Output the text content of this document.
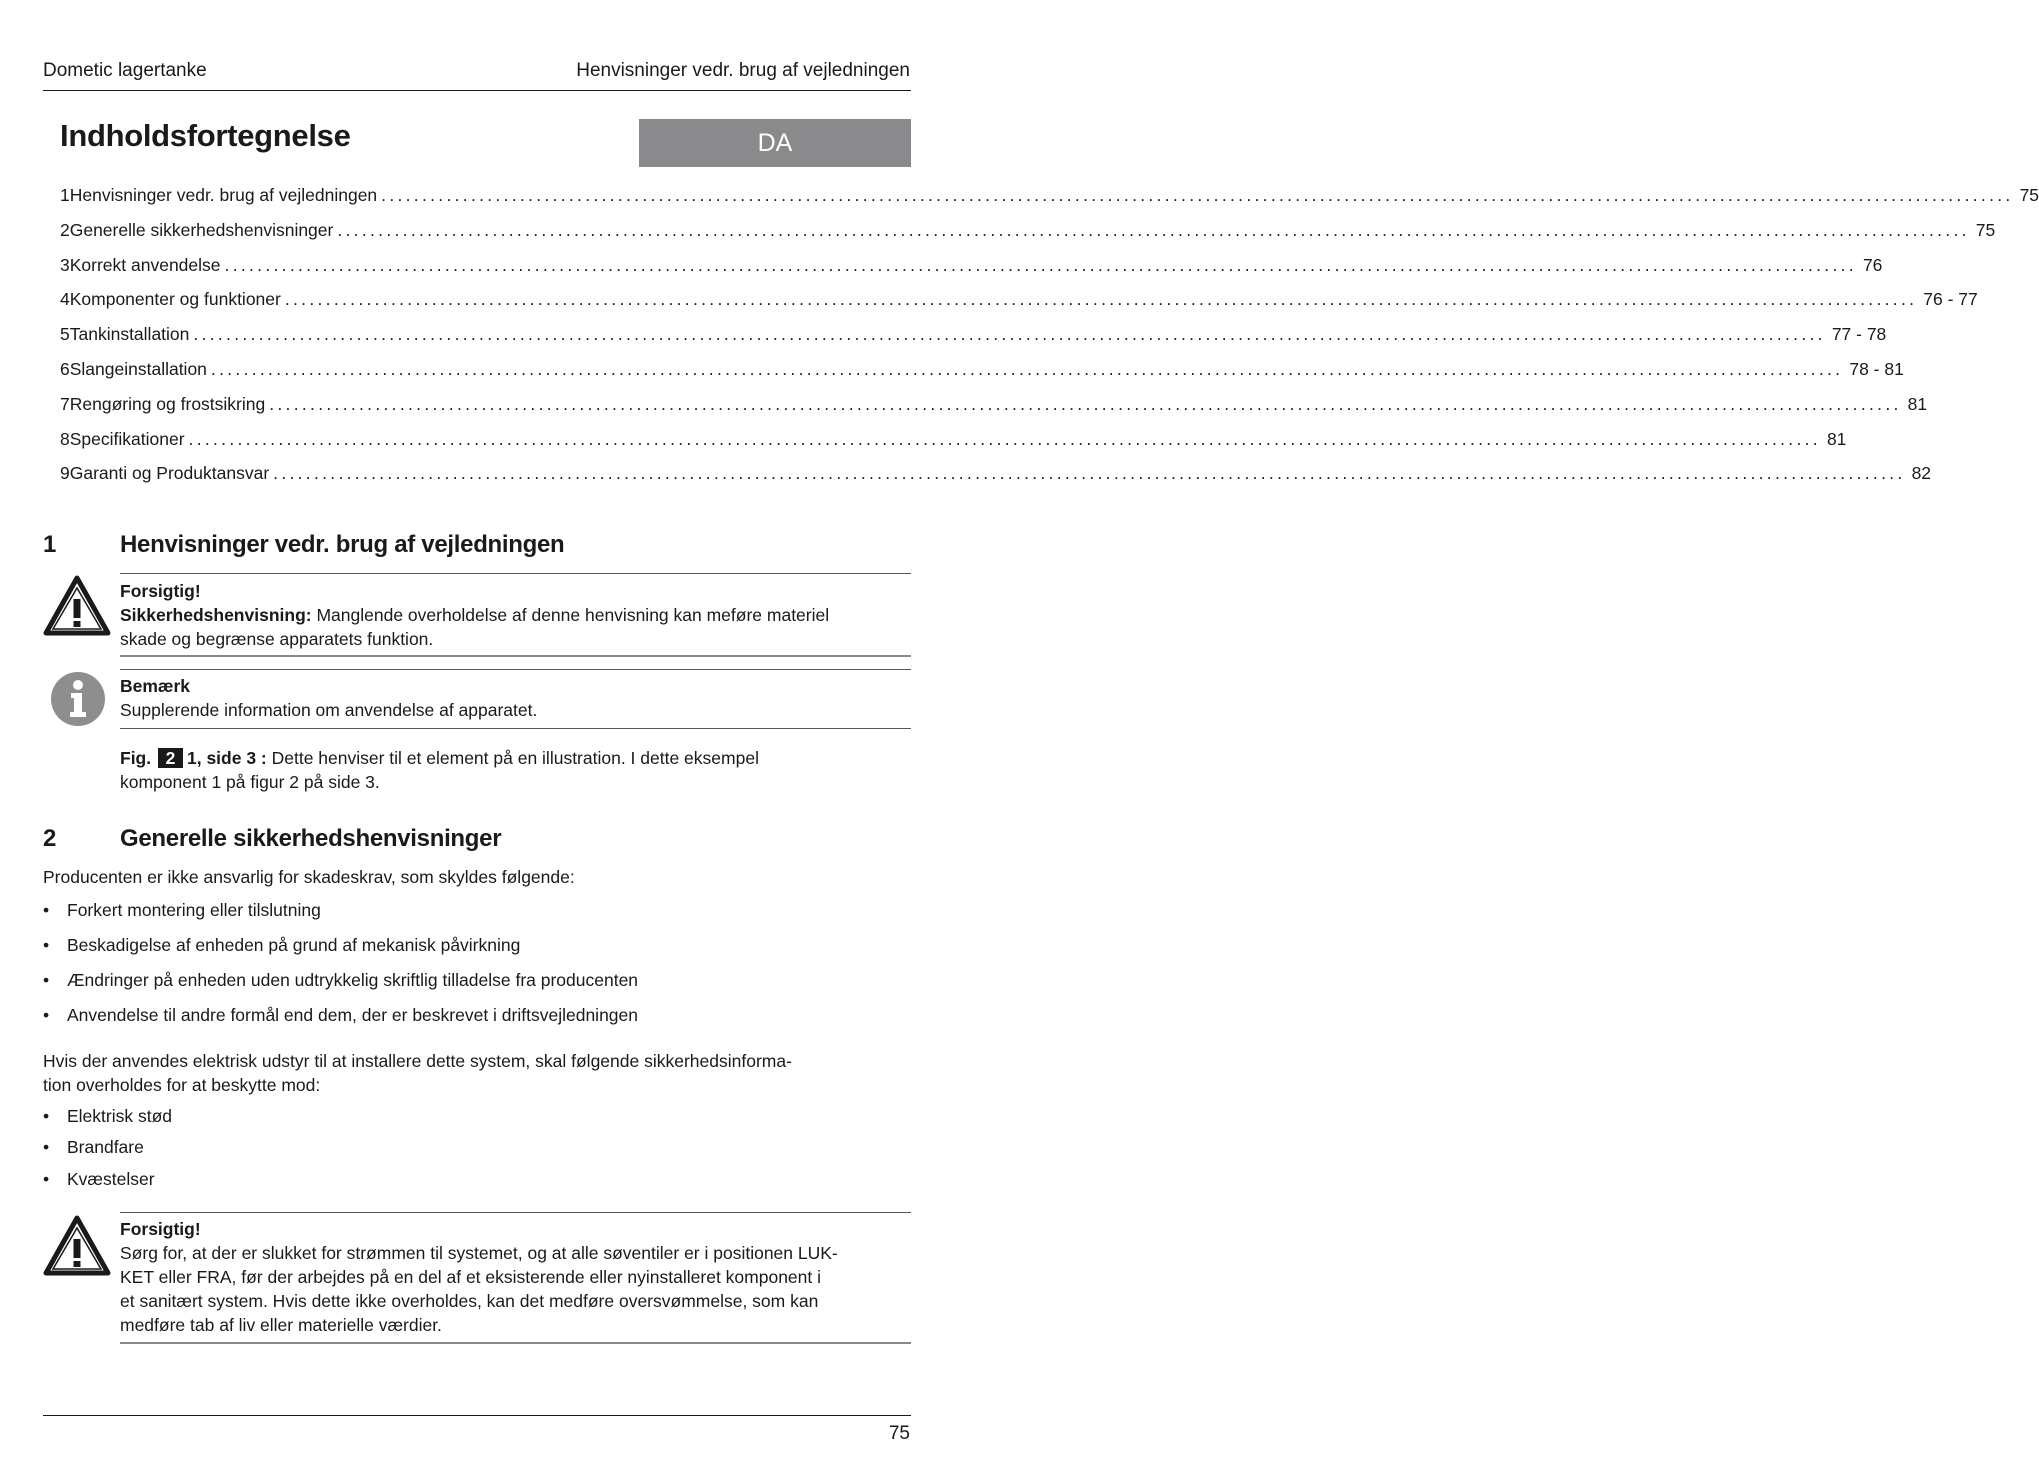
Dometic lagertanke	Henvisninger vedr. brug af vejledningen
Indholdsfortegnelse	DA
1 Henvisninger vedr. brug af vejledningen ........................................................................................................................................................................................................ 75
2 Generelle sikkerhedshenvisninger ........................................................................................................................................................................................................ 75
3 Korrekt anvendelse ........................................................................................................................................................................................................ 76
4 Komponenter og funktioner ........................................................................................................................................................................................................ 76 - 77
5 Tankinstallation ........................................................................................................................................................................................................ 77 - 78
6 Slangeinstallation ........................................................................................................................................................................................................ 78 - 81
7 Rengøring og frostsikring ........................................................................................................................................................................................................ 81
8 Specifikationer ........................................................................................................................................................................................................ 81
9 Garanti og Produktansvar ........................................................................................................................................................................................................ 82
1	Henvisninger vedr. brug af vejledningen
Forsigtig!
Sikkerhedshenvisning: Manglende overholdelse af denne henvisning kan meføre materiel
skade og begrænse apparatets funktion.
Bemærk
Supplerende information om anvendelse af apparatet.
Fig. 2 1, side 3 : Dette henviser til et element på en illustration. I dette eksempel
komponent 1 på figur 2 på side 3.
2	Generelle sikkerhedshenvisninger
Producenten er ikke ansvarlig for skadeskrav, som skyldes følgende:
• Forkert montering eller tilslutning
• Beskadigelse af enheden på grund af mekanisk påvirkning
• Ændringer på enheden uden udtrykkelig skriftlig tilladelse fra producenten
• Anvendelse til andre formål end dem, der er beskrevet i driftsvejledningen
Hvis der anvendes elektrisk udstyr til at installere dette system, skal følgende sikkerhedsinforma-
tion overholdes for at beskytte mod:
• Elektrisk stød
• Brandfare
• Kvæstelser
Forsigtig!
Sørg for, at der er slukket for strømmen til systemet, og at alle søventiler er i positionen LUK-
KET eller FRA, før der arbejdes på en del af et eksisterende eller nyinstalleret komponent i
et sanitært system. Hvis dette ikke overholdes, kan det medføre oversvømmelse, som kan
medføre tab af liv eller materielle værdier.
75
